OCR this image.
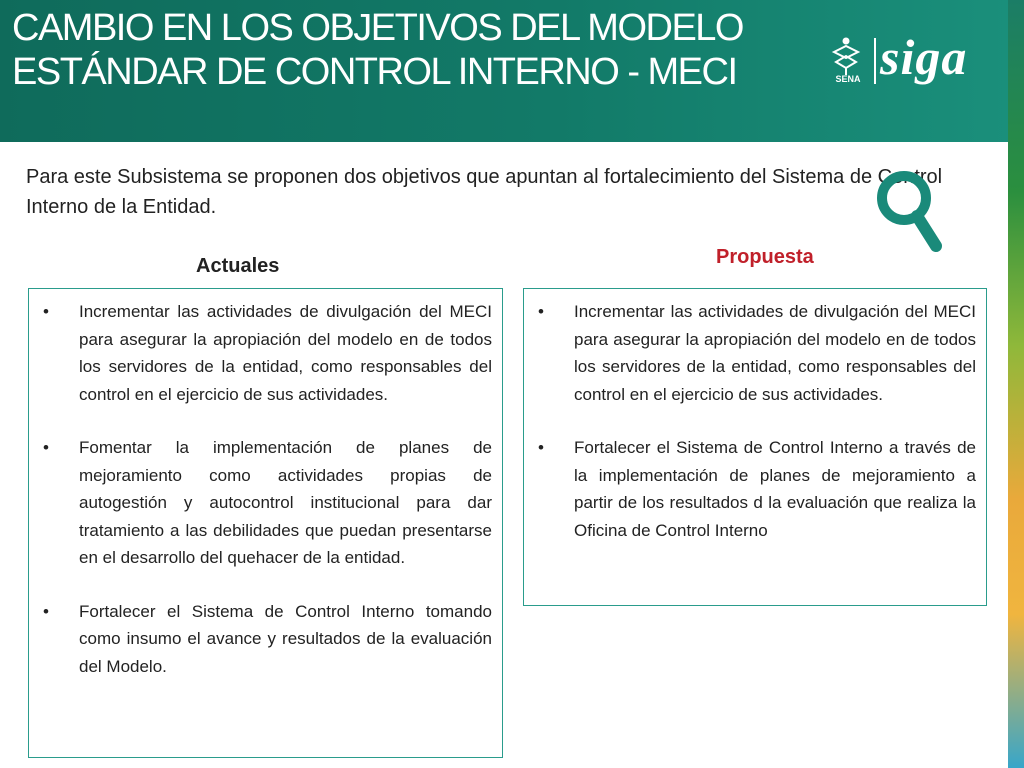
CAMBIO EN LOS OBJETIVOS DEL MODELO ESTÁNDAR DE CONTROL INTERNO - MECI	SENA siga

Para este Subsistema se proponen dos objetivos que apuntan al fortalecimiento del Sistema de Control Interno de la Entidad.

Actuales	Propuesta
• Incrementar las actividades de divulgación del MECI para asegurar la apropiación del modelo en de todos los servidores de la entidad, como responsables del control en el ejercicio de sus actividades.
• Fomentar la implementación de planes de mejoramiento como actividades propias de autogestión y autocontrol institucional para dar tratamiento a las debilidades que puedan presentarse en el desarrollo del quehacer de la entidad.
• Fortalecer el Sistema de Control Interno tomando como insumo el avance y resultados de la evaluación del Modelo.
• Incrementar las actividades de divulgación del MECI para asegurar la apropiación del modelo en de todos los servidores de la entidad, como responsables del control en el ejercicio de sus actividades.
• Fortalecer el Sistema de Control Interno a través de la implementación de planes de mejoramiento a partir de los resultados d la evaluación que realiza la Oficina de Control Interno
